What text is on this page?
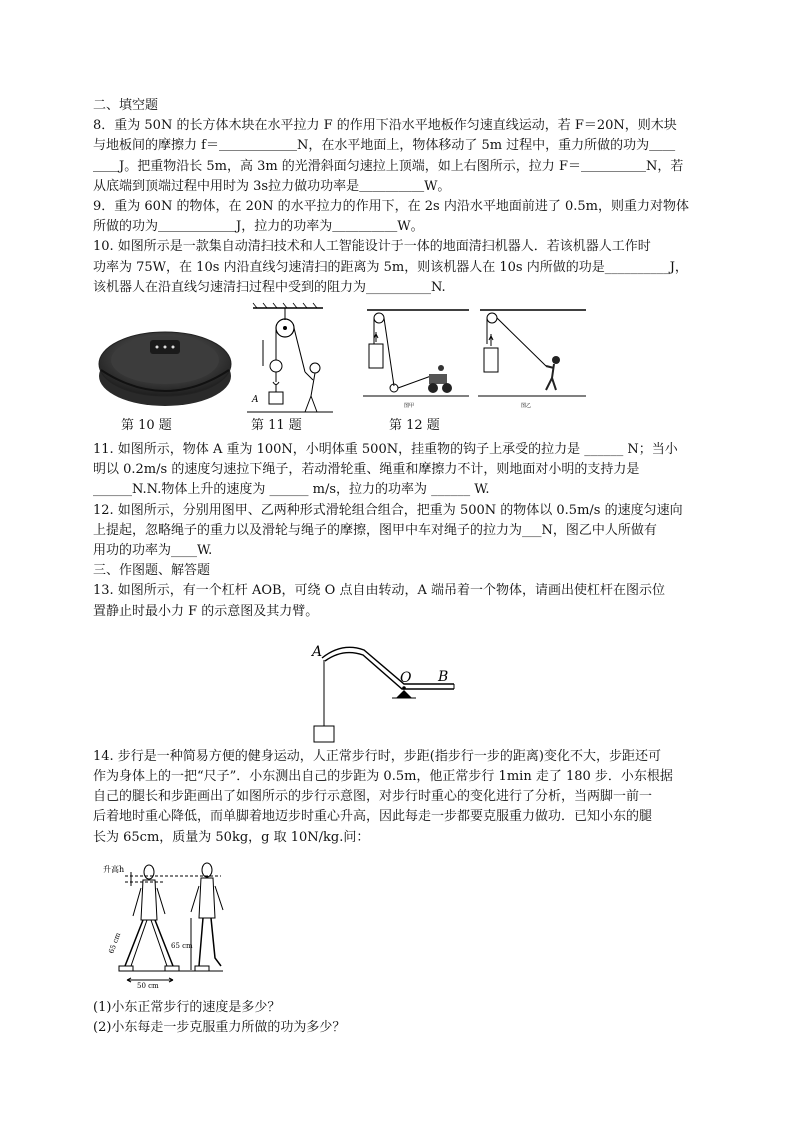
二、填空题
8．重为 50N 的长方体木块在水平拉力 F 的作用下沿水平地板作匀速直线运动，若 F＝20N，则木块
与地板间的摩擦力 f＝＿＿＿＿＿＿N，在水平地面上，物体移动了 5m 过程中，重力所做的功为＿＿
＿＿J。把重物沿长 5m，高 3m 的光滑斜面匀速拉上顶端，如上右图所示，拉力 F＝＿＿＿＿＿N，若
从底端到顶端过程中用时为 3s拉力做功功率是＿＿＿＿＿W。
9．重为 60N 的物体，在 20N 的水平拉力的作用下，在 2s 内沿水平地面前进了 0.5m，则重力对物体
所做的功为＿＿＿＿＿＿J，拉力的功率为＿＿＿＿＿W。
10. 如图所示是一款集自动清扫技术和人工智能设计于一体的地面清扫机器人．若该机器人工作时
功率为 75W，在 10s 内沿直线匀速清扫的距离为 5m，则该机器人在 10s 内所做的功是__________J，
该机器人在沿直线匀速清扫过程中受到的阻力为__________N.
A
图甲	图乙
第 10 题	第 11 题	第 12 题
11. 如图所示，物体 A 重为 100N，小明体重 500N，挂重物的钩子上承受的拉力是 ______ N；当小
明以 0.2m/s 的速度匀速拉下绳子，若动滑轮重、绳重和摩擦力不计，则地面对小明的支持力是
______N.N.物体上升的速度为 ______ m/s，拉力的功率为 ______ W.
12. 如图所示，分别用图甲、乙两种形式滑轮组合组合，把重为 500N 的物体以 0.5m/s 的速度匀速向
上提起，忽略绳子的重力以及滑轮与绳子的摩擦，图甲中车对绳子的拉力为___N，图乙中人所做有
用功的功率为____W.
三、作图题、解答题
13. 如图所示，有一个杠杆 AOB，可绕 O 点自由转动，A 端吊着一个物体，请画出使杠杆在图示位
置静止时最小力 F 的示意图及其力臂。
A
O B
14. 步行是一种简易方便的健身运动，人正常步行时，步距(指步行一步的距离)变化不大，步距还可
作为身体上的一把“尺子”．小东测出自己的步距为 0.5m，他正常步行 1min 走了 180 步．小东根据
自己的腿长和步距画出了如图所示的步行示意图，对步行时重心的变化进行了分析，当两脚一前一
后着地时重心降低，而单脚着地迈步时重心升高，因此每走一步都要克服重力做功．已知小东的腿
长为 65cm，质量为 50kg，g 取 10N/kg.问：
升高h
65 cm	65 cm
50 cm
(1)小东正常步行的速度是多少？
(2)小东每走一步克服重力所做的功为多少？
